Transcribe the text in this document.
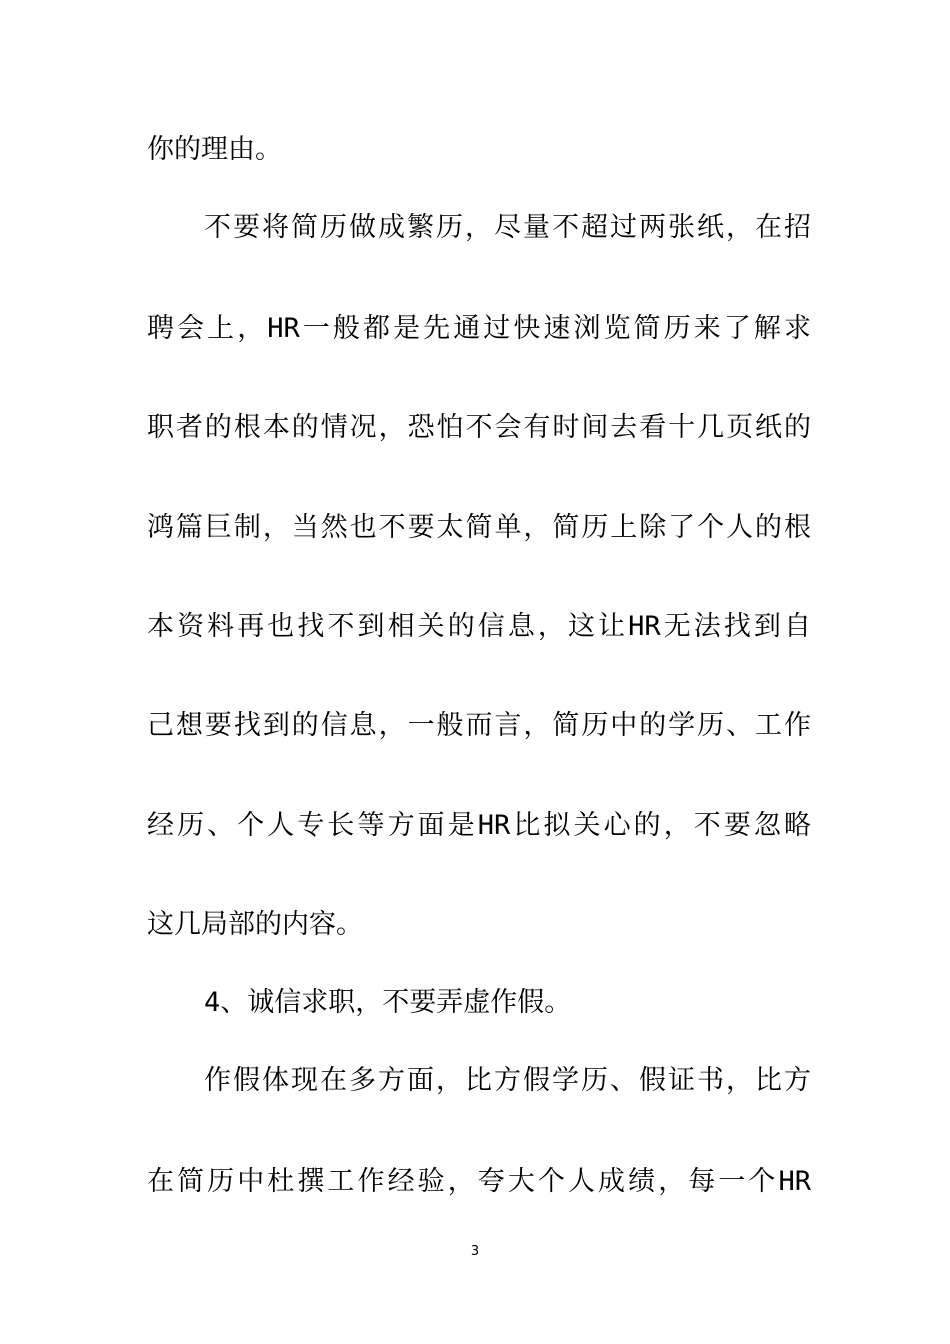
你的理由。
不要将简历做成繁历，尽量不超过两张纸，在招
聘会上，HR一般都是先通过快速浏览简历来了解求
职者的根本的情况，恐怕不会有时间去看十几页纸的
鸿篇巨制，当然也不要太简单，简历上除了个人的根
本资料再也找不到相关的信息，这让HR无法找到自
己想要找到的信息，一般而言，简历中的学历、工作
经历、个人专长等方面是HR比拟关心的，不要忽略
这几局部的内容。
4、诚信求职，不要弄虚作假。
作假体现在多方面，比方假学历、假证书，比方
在简历中杜撰工作经验，夸大个人成绩，每一个HR
3
